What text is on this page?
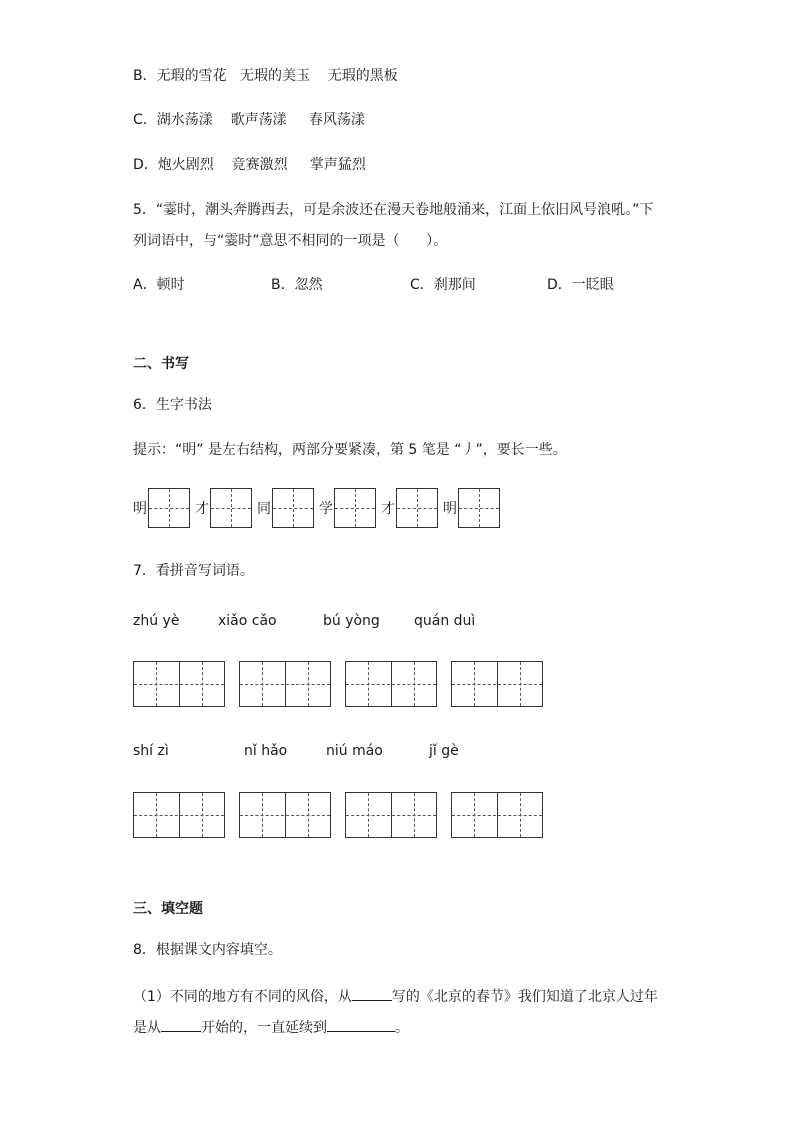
B．无瑕的雪花   无瑕的美玉    无瑕的黑板
C．湖水荡漾    歌声荡漾     春风荡漾
D．炮火剧烈    竞赛激烈     掌声猛烈
5．“霎时，潮头奔腾西去，可是余波还在漫天卷地般涌来，江面上依旧风号浪吼。”下
列词语中，与“霎时”意思不相同的一项是（      ）。
A．顿时	B．忽然	C．刹那间	D．一眨眼
二、书写
6．生字书法
提示：“明” 是左右结构，两部分要紧凑，第 5 笔是 “丿”，要长一些。
明	才	同	学	才	明
7．看拼音写词语。
zhú yè	xiǎo cǎo	bú yòng quán duì
shí zì	nǐ hǎo	niú máo	jǐ gè
三、填空题
8．根据课文内容填空。
（1）不同的地方有不同的风俗，从	写的《北京的春节》我们知道了北京人过年
是从	开始的，一直延续到	。
